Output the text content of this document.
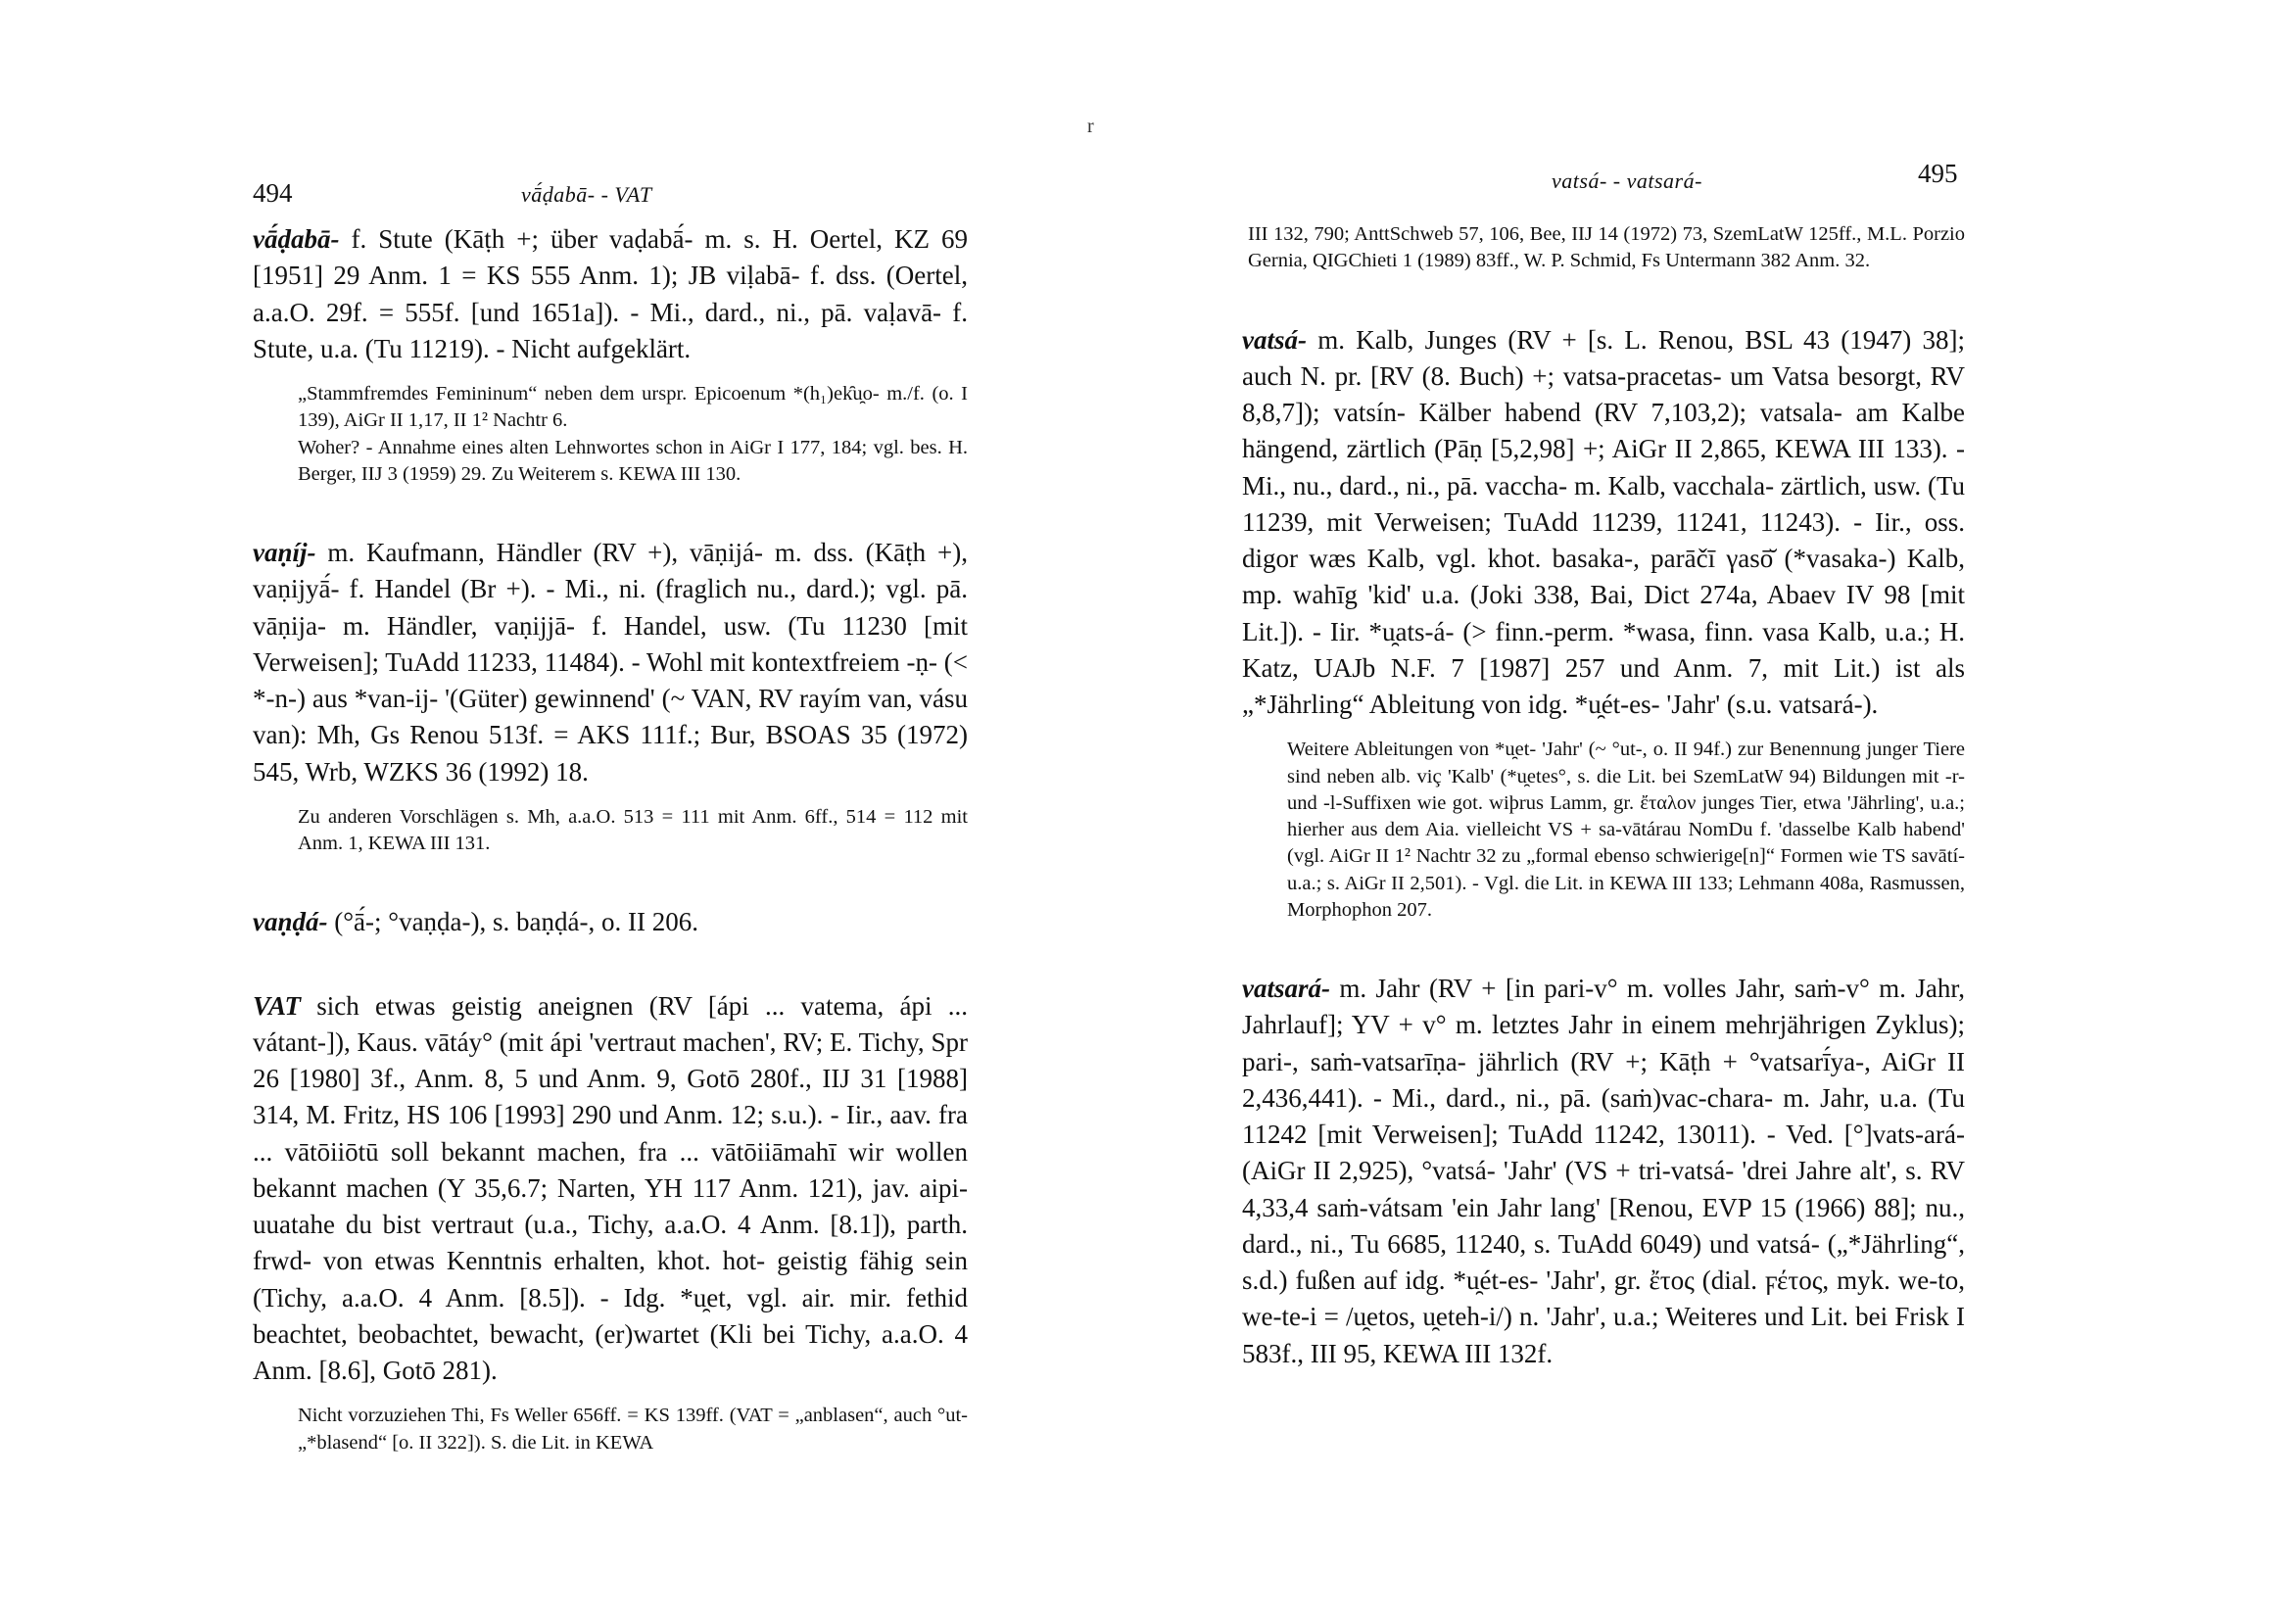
494	vā́ḍabā- - VAT

vā́ḍabā- f. Stute (Kāṭh +; über vaḍabā́- m. s. H. Oertel, KZ 69 [1951] 29 Anm. 1 = KS 555 Anm. 1); JB viḷabā- f. dss. (Oertel, a.a.O. 29f. = 555f. [und 1651a]). - Mi., dard., ni., pā. vaḷavā- f. Stute, u.a. (Tu 11219). - Nicht aufgeklärt.

„Stammfremdes Femininum“ neben dem urspr. Epicoenum *(h₁)ek̑u̯o- m./f. (o. I 139), AiGr II 1,17, II 1² Nachtr 6.

Woher? - Annahme eines alten Lehnwortes schon in AiGr I 177, 184; vgl. bes. H. Berger, IIJ 3 (1959) 29. Zu Weiterem s. KEWA III 130.

vaṇíj- m. Kaufmann, Händler (RV +), vāṇijá- m. dss. (Kāṭh +), vaṇijyā́- f. Handel (Br +). - Mi., ni. (fraglich nu., dard.); vgl. pā. vāṇija- m. Händler, vaṇijjā- f. Handel, usw. (Tu 11230 [mit Verweisen]; TuAdd 11233, 11484). - Wohl mit kontextfreiem -ṇ- (< *-n-) aus *van-ij- '(Güter) gewinnend' (~ VAN, RV rayím van, vásu van): Mh, Gs Renou 513f. = AKS 111f.; Bur, BSOAS 35 (1972) 545, Wrb, WZKS 36 (1992) 18.

Zu anderen Vorschlägen s. Mh, a.a.O. 513 = 111 mit Anm. 6ff., 514 = 112 mit Anm. 1, KEWA III 131.

vaṇḍá- (°ā́-; °vaṇḍa-), s. baṇḍá-, o. II 206.

VAT sich etwas geistig aneignen (RV [ápi ... vatema, ápi ... vátant-]), Kaus. vātáy° (mit ápi 'vertraut machen', RV; E. Tichy, Spr 26 [1980] 3f., Anm. 8, 5 und Anm. 9, Gotō 280f., IIJ 31 [1988] 314, M. Fritz, HS 106 [1993] 290 und Anm. 12; s.u.). - Iir., aav. fra ... vātōiiōtū soll bekannt machen, fra ... vātōiiāmahī wir wollen bekannt machen (Y 35,6.7; Narten, YH 117 Anm. 121), jav. aipi-uuatahe du bist vertraut (u.a., Tichy, a.a.O. 4 Anm. [8.1]), parth. frwd- von etwas Kenntnis erhalten, khot. hot- geistig fähig sein (Tichy, a.a.O. 4 Anm. [8.5]). - Idg. *u̯et, vgl. air. mir. fethid beachtet, beobachtet, bewacht, (er)wartet (Kli bei Tichy, a.a.O. 4 Anm. [8.6], Gotō 281).

Nicht vorzuziehen Thi, Fs Weller 656ff. = KS 139ff. (VAT = „anblasen“, auch °ut- „*blasend“ [o. II 322]). S. die Lit. in KEWA

r
vatsá- - vatsará-	495

III 132, 790; AnttSchweb 57, 106, Bee, IIJ 14 (1972) 73, SzemLatW 125ff., M.L. Porzio Gernia, QIGChieti 1 (1989) 83ff., W. P. Schmid, Fs Untermann 382 Anm. 32.

vatsá- m. Kalb, Junges (RV + [s. L. Renou, BSL 43 (1947) 38]; auch N. pr. [RV (8. Buch) +; vatsa-pracetas- um Vatsa besorgt, RV 8,8,7]); vatsín- Kälber habend (RV 7,103,2); vatsala- am Kalbe hängend, zärtlich (Pāṇ [5,2,98] +; AiGr II 2,865, KEWA III 133). - Mi., nu., dard., ni., pā. vaccha- m. Kalb, vacchala- zärtlich, usw. (Tu 11239, mit Verweisen; TuAdd 11239, 11241, 11243). - Iir., oss. digor wæs Kalb, vgl. khot. basaka-, parāčī γasō̆ (*vasaka-) Kalb, mp. wahīg 'kid' u.a. (Joki 338, Bai, Dict 274a, Abaev IV 98 [mit Lit.]). - Iir. *u̯ats-á- (> finn.-perm. *wasa, finn. vasa Kalb, u.a.; H. Katz, UAJb N.F. 7 [1987] 257 und Anm. 7, mit Lit.) ist als „*Jährling“ Ableitung von idg. *u̯ét-es- 'Jahr' (s.u. vatsará-).

Weitere Ableitungen von *u̯et- 'Jahr' (~ °ut-, o. II 94f.) zur Benennung junger Tiere sind neben alb. viç 'Kalb' (*u̯etes°, s. die Lit. bei SzemLatW 94) Bildungen mit -r- und -l-Suffixen wie got. wiþrus Lamm, gr. ἔταλον junges Tier, etwa 'Jährling', u.a.; hierher aus dem Aia. vielleicht VS + sa-vātárau NomDu f. 'dasselbe Kalb habend' (vgl. AiGr II 1² Nachtr 32 zu „formal ebenso schwierige[n]“ Formen wie TS savātí- u.a.; s. AiGr II 2,501). - Vgl. die Lit. in KEWA III 133; Lehmann 408a, Rasmussen, Morphophon 207.

vatsará- m. Jahr (RV + [in pari-v° m. volles Jahr, saṁ-v° m. Jahr, Jahrlauf]; YV + v° m. letztes Jahr in einem mehrjährigen Zyklus); pari-, saṁ-vatsarīṇa- jährlich (RV +; Kāṭh + °vatsarī́ya-, AiGr II 2,436,441). - Mi., dard., ni., pā. (saṁ)vac-chara- m. Jahr, u.a. (Tu 11242 [mit Verweisen]; TuAdd 11242, 13011). - Ved. [°]vats-ará- (AiGr II 2,925), °vatsá- 'Jahr' (VS + tri-vatsá- 'drei Jahre alt', s. RV 4,33,4 saṁ-vátsam 'ein Jahr lang' [Renou, EVP 15 (1966) 88]; nu., dard., ni., Tu 6685, 11240, s. TuAdd 6049) und vatsá- („*Jährling“, s.d.) fußen auf idg. *u̯ét-es- 'Jahr', gr. ἔτος (dial. ϝέτος, myk. we-to, we-te-i = /u̯etos, u̯eteh-i/) n. 'Jahr', u.a.; Weiteres und Lit. bei Frisk I 583f., III 95, KEWA III 132f.
